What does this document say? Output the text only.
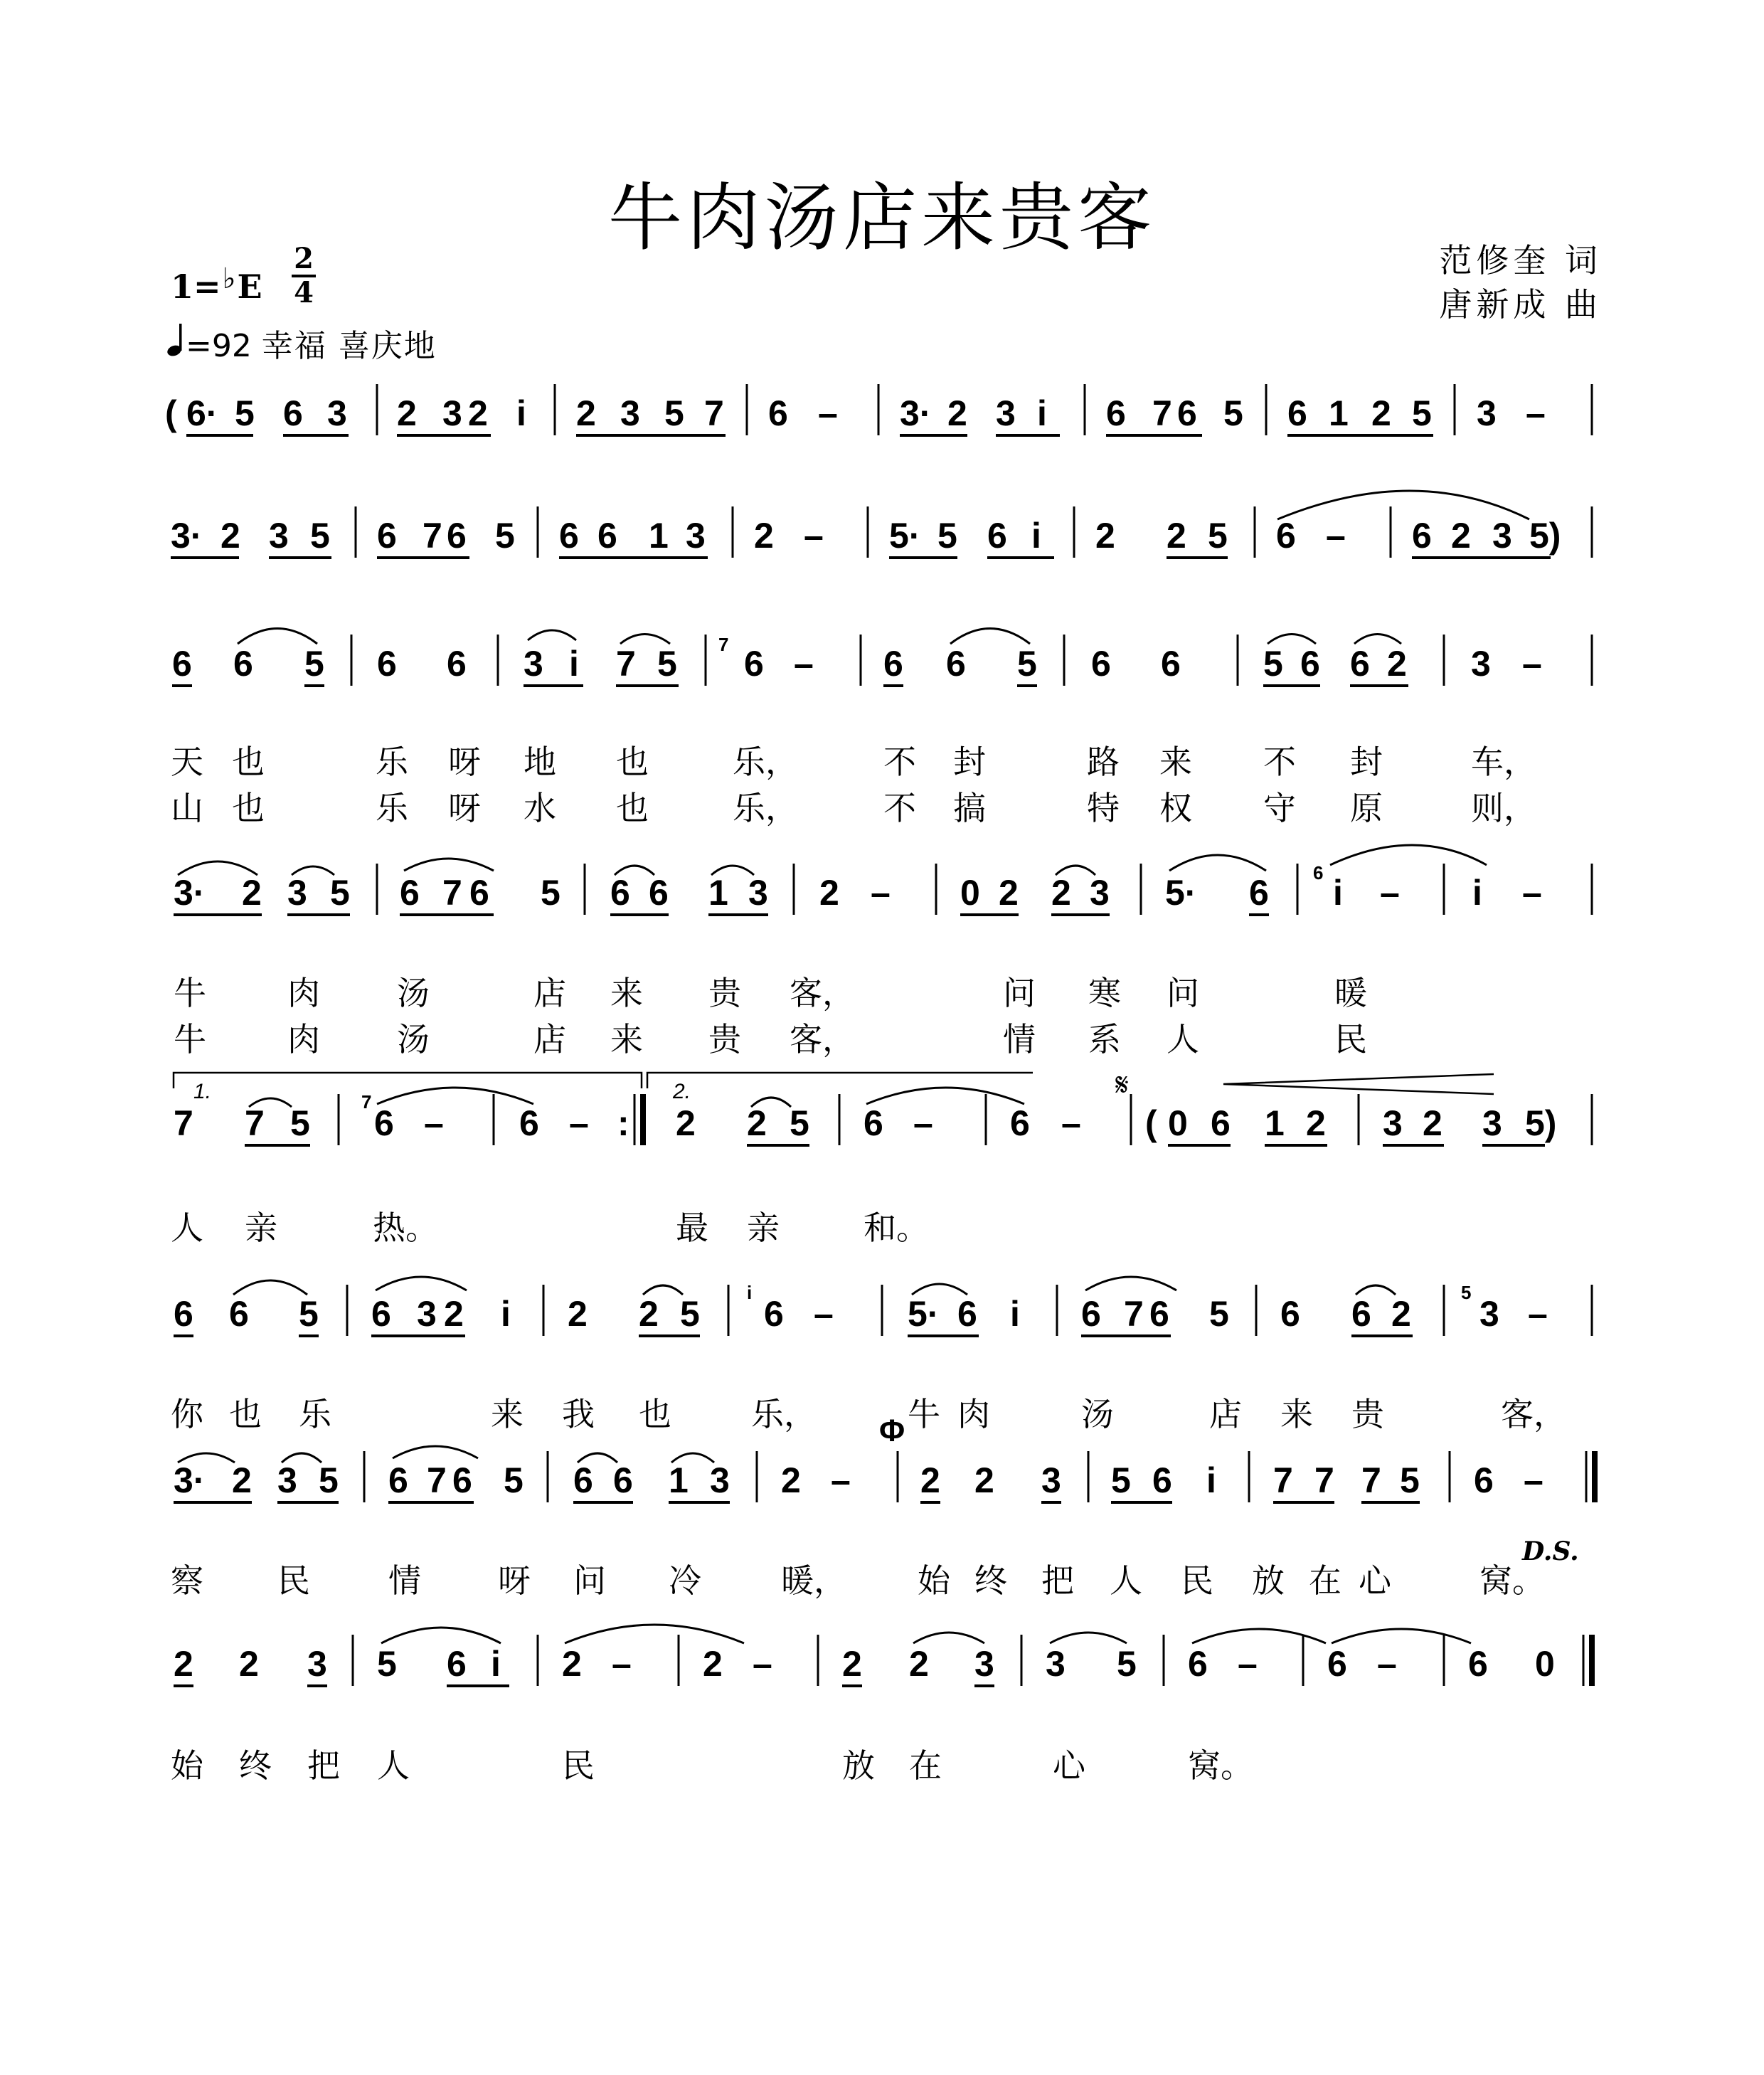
牛肉汤店来贵客	范修奎 词
唐新成 曲
1=♭E
2
4
=92 幸福 喜庆地
( 6· 5 6 3 2 3 2 i 2 3 5 7 6 – 3· 2 3 i 6 7 6 5 6 1 2 5 3 –
3· 2 3 5 6 7 6 5 6 6 1 3 2 – 5· 5 6 i 2 2 5 6 – 6 2 3 5)
6 6 5 6 6 3 i 7 5 6 – 6 6 5 6 6 5 6 6 2 3 –
7
3· 2 3 5 6 7 6 5 6 6 1 3 2 – 0 2 2 3 5· 6 i – i –
6
1.	2.
7 7 5 6 – 6 – : 2 2 5 6 – 6 – ( 0 6 1 2 3 2 3 5)
7	𝄋
6 6 5 6 3 2 i 2 2 5 6 – 5· 6 i 6 7 6 5 6 6 2 3 –
i	5
Φ
3· 2 3 5 6 7 6 5 6 6 1 3 2 – 2 2 3 5 6 i 7 7 7 5 6 –
2 2 3 5 6 i 2 – 2 – 2 2 3 3 5 6 – 6 – 6 0
天 也	乐 呀 地 也	乐，	不 封	路 来 不 封	车，
山 也	乐 呀 水 也	乐，	不 搞	特 权 守 原	则，
牛 肉 汤	店 来 贵 客，	问 寒 问	暖
牛 肉 汤	店 来 贵 客，	情 系 人	民
人 亲	热。	最 亲	和。
你 也 乐	来 我 也 乐，	牛 肉	汤	店 来 贵	客，
察 民 情 呀 问 冷 暖， 始 终 把 人 民 放 在 心	窝。
始 终 把 人	民	放 在	心	窝。
D.S.
